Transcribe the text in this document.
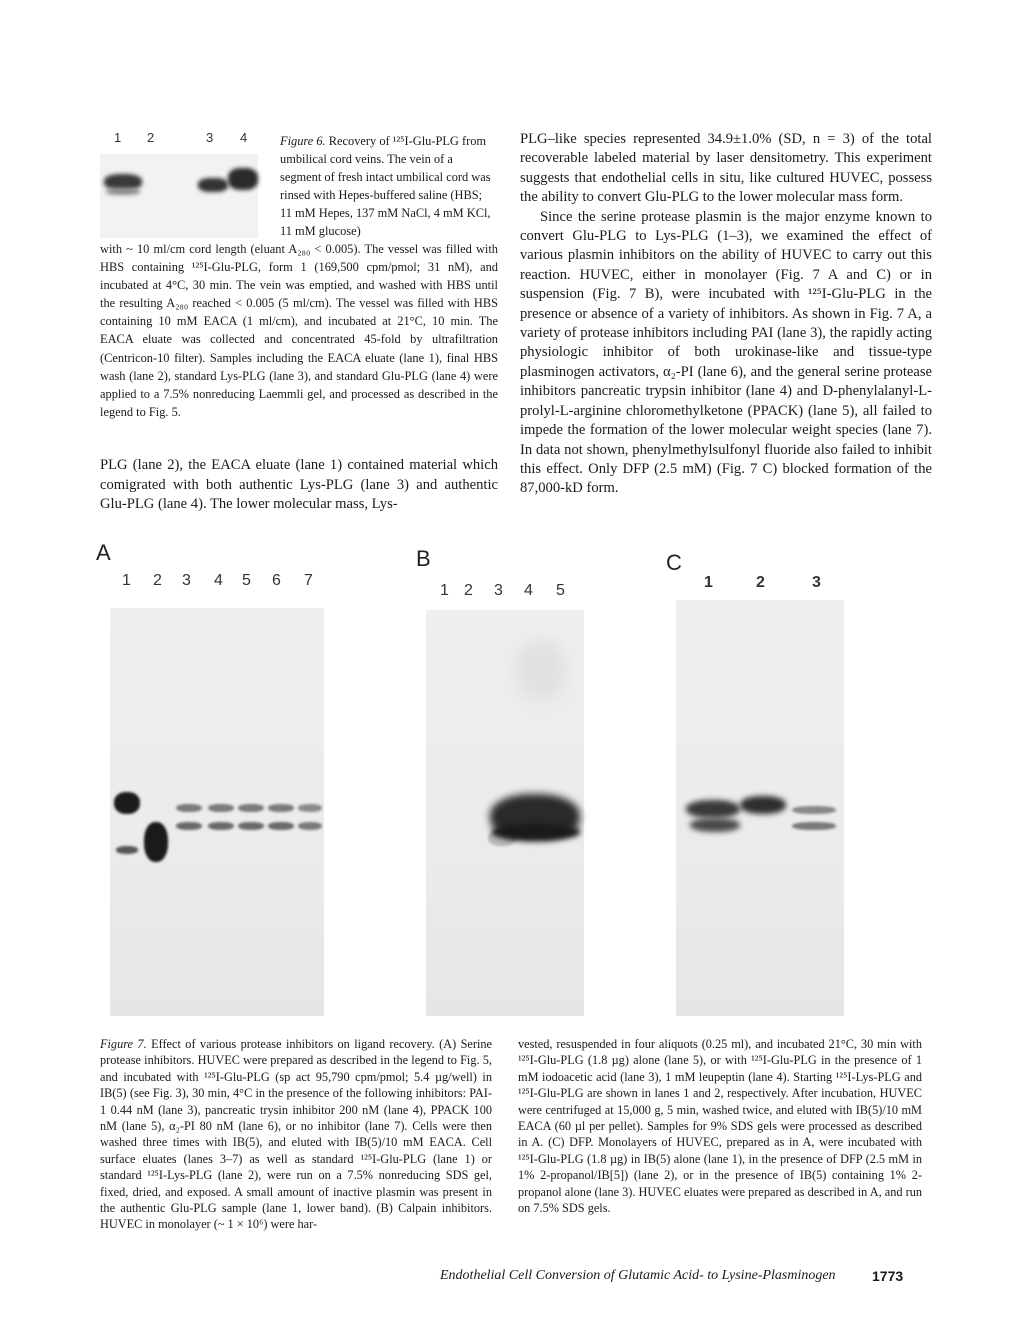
1 2	3 4	Figure 6. Recovery of ¹²⁵I-Glu-PLG from umbilical cord veins. The vein of a segment of fresh intact umbilical cord was rinsed with Hepes-buffered saline (HBS; 11 mM Hepes, 137 mM NaCl, 4 mM KCl, 11 mM glucose)
with ~ 10 ml/cm cord length (eluant A₂₈₀ < 0.005). The vessel was filled with HBS containing ¹²⁵I-Glu-PLG, form 1 (169,500 cpm/pmol; 31 nM), and incubated at 4°C, 30 min. The vein was emptied, and washed with HBS until the resulting A₂₈₀ reached < 0.005 (5 ml/cm). The vessel was filled with HBS containing 10 mM EACA (1 ml/cm), and incubated at 21°C, 10 min. The EACA eluate was collected and concentrated 45-fold by ultrafiltration (Centricon-10 filter). Samples including the EACA eluate (lane 1), final HBS wash (lane 2), standard Lys-PLG (lane 3), and standard Glu-PLG (lane 4) were applied to a 7.5% nonreducing Laemmli gel, and processed as described in the legend to Fig. 5.
PLG (lane 2), the EACA eluate (lane 1) contained material which comigrated with both authentic Lys-PLG (lane 3) and authentic Glu-PLG (lane 4). The lower molecular mass, Lys-

PLG–like species represented 34.9±1.0% (SD, n = 3) of the total recoverable labeled material by laser densitometry. This experiment suggests that endothelial cells in situ, like cultured HUVEC, possess the ability to convert Glu-PLG to the lower molecular mass form.

Since the serine protease plasmin is the major enzyme known to convert Glu-PLG to Lys-PLG (1–3), we examined the effect of various plasmin inhibitors on the ability of HUVEC to carry out this reaction. HUVEC, either in monolayer (Fig. 7 A and C) or in suspension (Fig. 7 B), were incubated with ¹²⁵I-Glu-PLG in the presence or absence of a variety of inhibitors. As shown in Fig. 7 A, a variety of protease inhibitors including PAI (lane 3), the rapidly acting physiologic inhibitor of both urokinase-like and tissue-type plasminogen activators, α₂-PI (lane 6), and the general serine protease inhibitors pancreatic trypsin inhibitor (lane 4) and D-phenylalanyl-L-prolyl-L-arginine chloromethylketone (PPACK) (lane 5), all failed to impede the formation of the lower molecular weight species (lane 7). In data not shown, phenylmethylsulfonyl fluoride also failed to inhibit this effect. Only DFP (2.5 mM) (Fig. 7 C) blocked formation of the 87,000-kD form.

A
1 2 3 4 5 6 7
B
1 2 3 4 5
C
1	2	3
Figure 7. Effect of various protease inhibitors on ligand recovery. (A) Serine protease inhibitors. HUVEC were prepared as described in the legend to Fig. 5, and incubated with ¹²⁵I-Glu-PLG (sp act 95,790 cpm/pmol; 5.4 µg/well) in IB(5) (see Fig. 3), 30 min, 4°C in the presence of the following inhibitors: PAI-1 0.44 nM (lane 3), pancreatic trysin inhibitor 200 nM (lane 4), PPACK 100 nM (lane 5), α₂-PI 80 nM (lane 6), or no inhibitor (lane 7). Cells were then washed three times with IB(5), and eluted with IB(5)/10 mM EACA. Cell surface eluates (lanes 3–7) as well as standard ¹²⁵I-Glu-PLG (lane 1) or standard ¹²⁵I-Lys-PLG (lane 2), were run on a 7.5% nonreducing SDS gel, fixed, dried, and exposed. A small amount of inactive plasmin was present in the authentic Glu-PLG sample (lane 1, lower band). (B) Calpain inhibitors. HUVEC in monolayer (~ 1 × 10⁶) were har-
vested, resuspended in four aliquots (0.25 ml), and incubated 21°C, 30 min with ¹²⁵I-Glu-PLG (1.8 µg) alone (lane 5), or with ¹²⁵I-Glu-PLG in the presence of 1 mM iodoacetic acid (lane 3), 1 mM leupeptin (lane 4). Starting ¹²⁵I-Lys-PLG and ¹²⁵I-Glu-PLG are shown in lanes 1 and 2, respectively. After incubation, HUVEC were centrifuged at 15,000 g, 5 min, washed twice, and eluted with IB(5)/10 mM EACA (60 µl per pellet). Samples for 9% SDS gels were processed as described in A. (C) DFP. Monolayers of HUVEC, prepared as in A, were incubated with ¹²⁵I-Glu-PLG (1.8 µg) in IB(5) alone (lane 1), in the presence of DFP (2.5 mM in 1% 2-propanol/IB[5]) (lane 2), or in the presence of IB(5) containing 1% 2-propanol alone (lane 3). HUVEC eluates were prepared as described in A, and run on 7.5% SDS gels.
Endothelial Cell Conversion of Glutamic Acid- to Lysine-Plasminogen	1773
